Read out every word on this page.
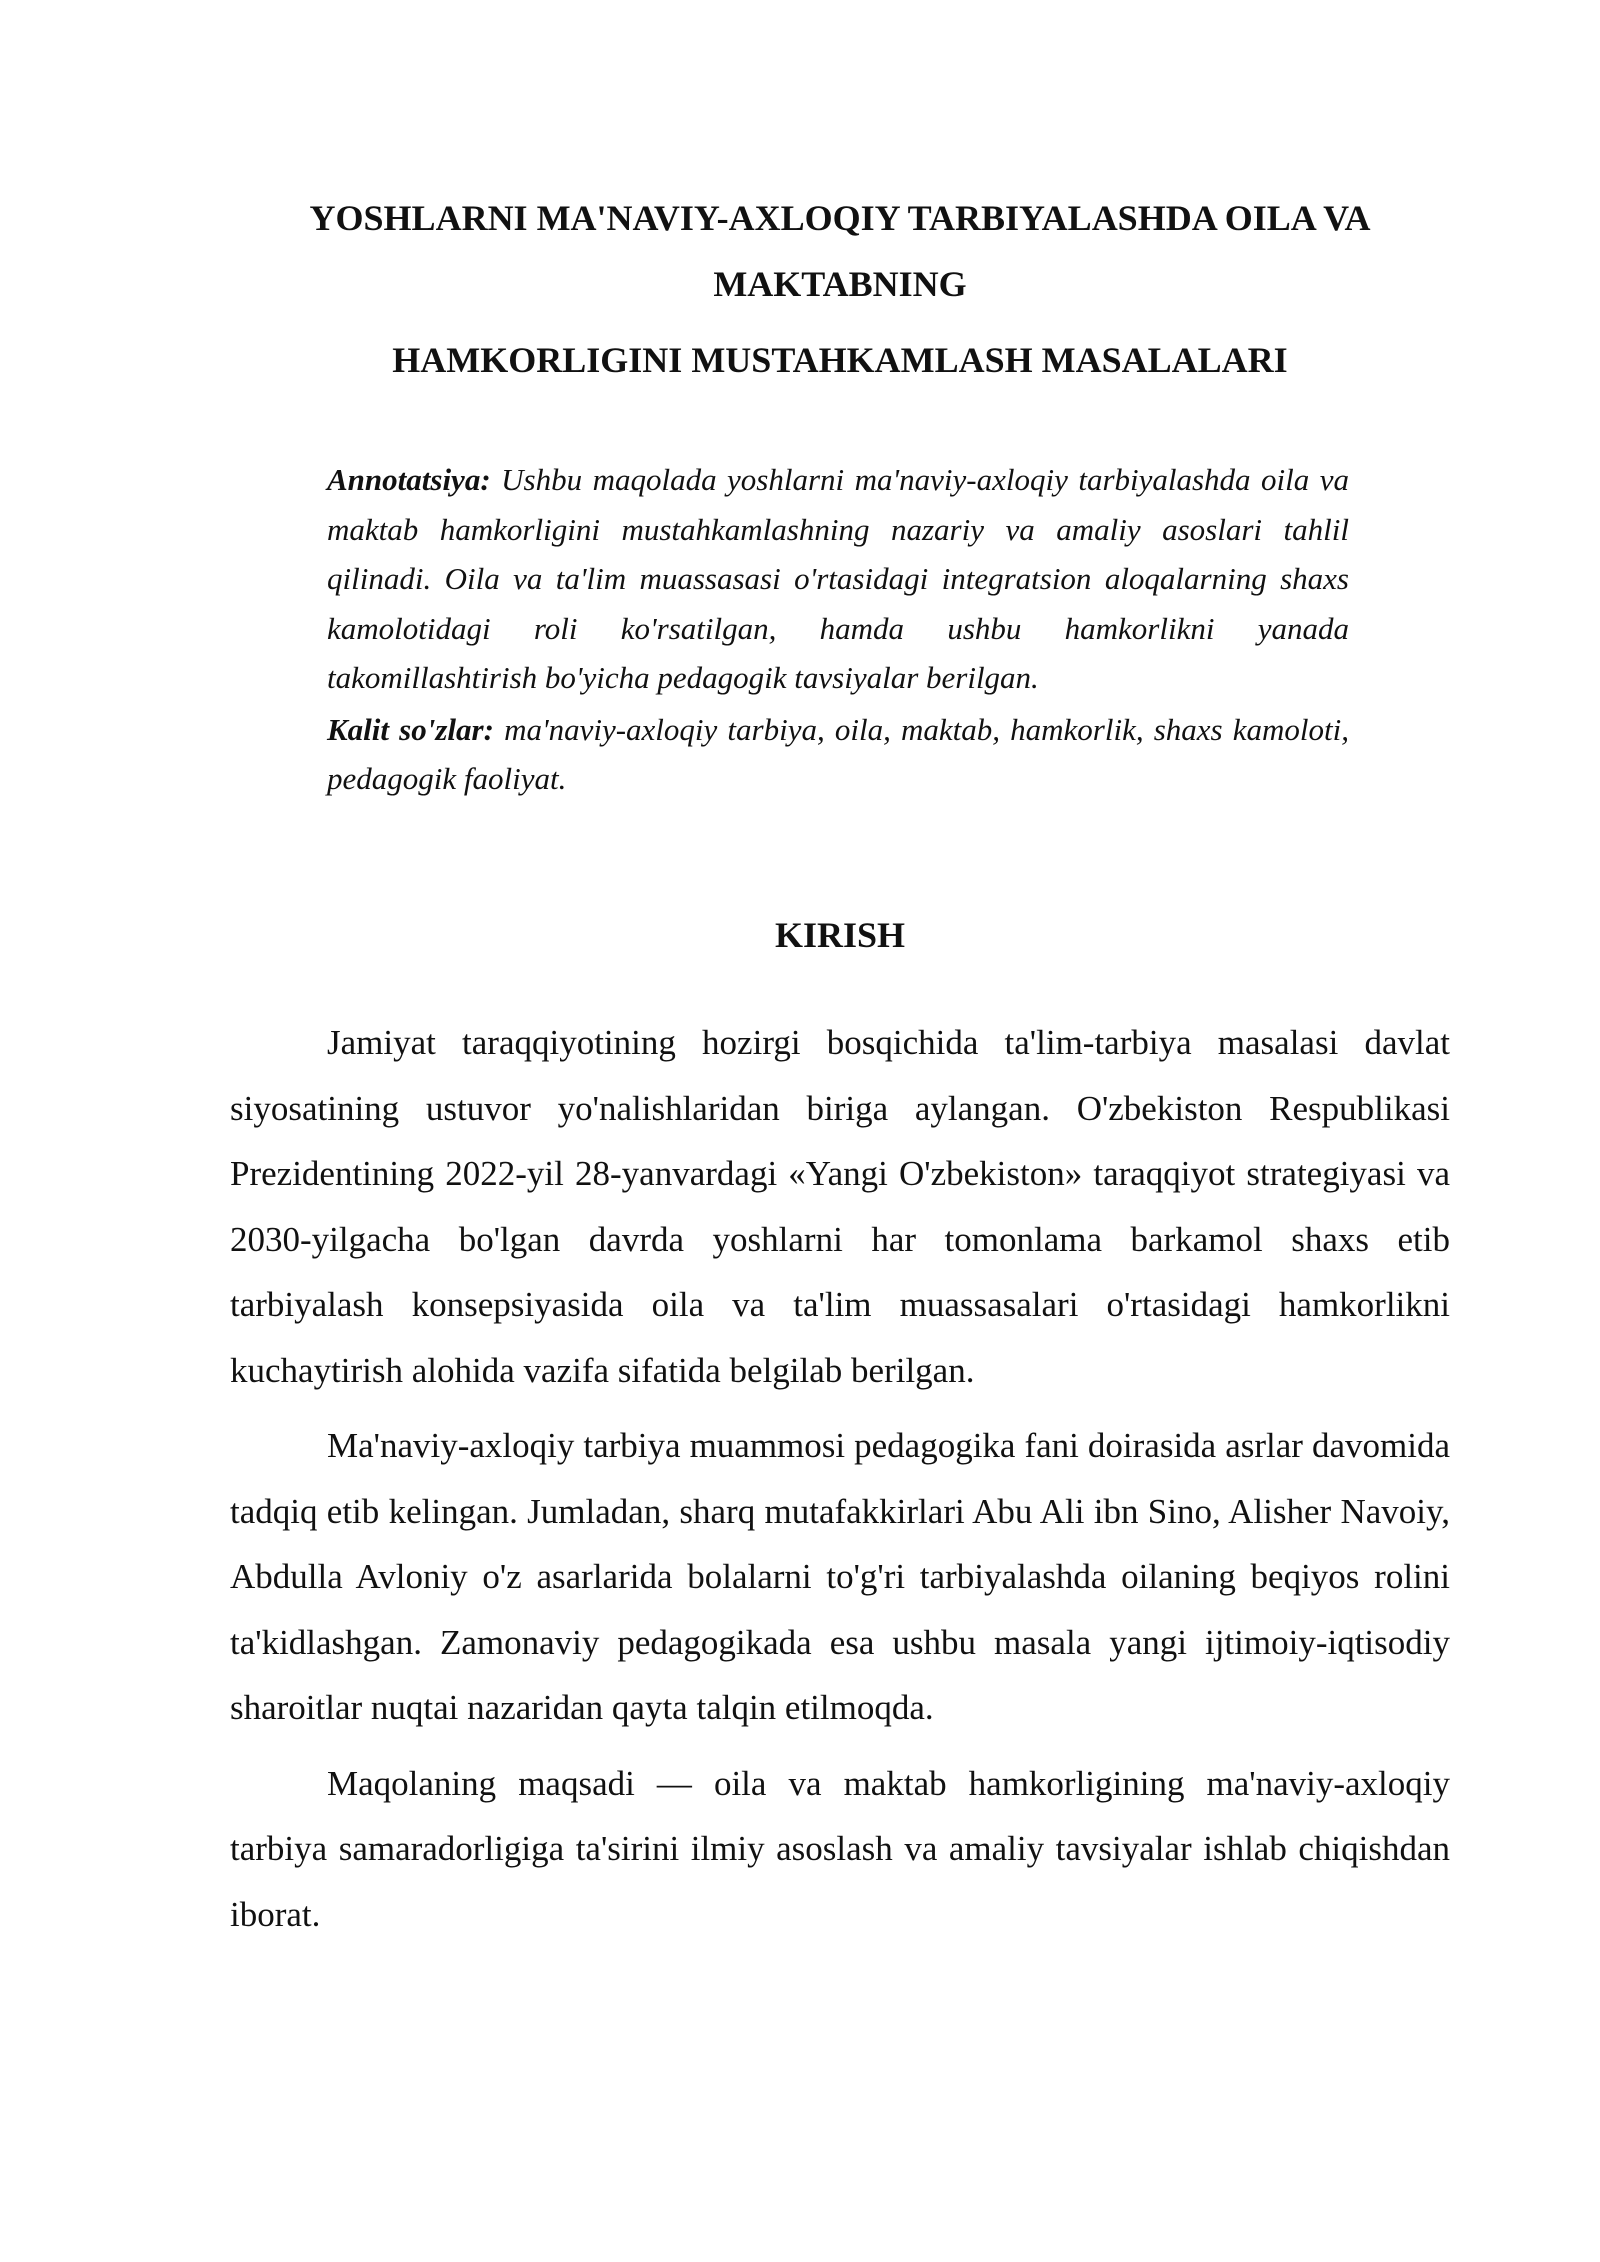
YOSHLARNI MA'NAVIY-AXLOQIY TARBIYALASHDA OILA VA
MAKTABNING
HAMKORLIGINI MUSTAHKAMLASH MASALALARI

Annotatsiya: Ushbu maqolada yoshlarni ma'naviy-axloqiy tarbiyalashda oila va maktab hamkorligini mustahkamlashning nazariy va amaliy asoslari tahlil qilinadi. Oila va ta'lim muassasasi o'rtasidagi integratsion aloqalarning shaxs kamolotidagi roli ko'rsatilgan, hamda ushbu hamkorlikni yanada takomillashtirish bo'yicha pedagogik tavsiyalar berilgan.

Kalit so'zlar: ma'naviy-axloqiy tarbiya, oila, maktab, hamkorlik, shaxs kamoloti, pedagogik faoliyat.

KIRISH

Jamiyat taraqqiyotining hozirgi bosqichida ta'lim-tarbiya masalasi davlat siyosatining ustuvor yo'nalishlaridan biriga aylangan. O'zbekiston Respublikasi Prezidentining 2022-yil 28-yanvardagi «Yangi O'zbekiston» taraqqiyot strategiyasi va 2030-yilgacha bo'lgan davrda yoshlarni har tomonlama barkamol shaxs etib tarbiyalash konsepsiyasida oila va ta'lim muassasalari o'rtasidagi hamkorlikni kuchaytirish alohida vazifa sifatida belgilab berilgan.

Ma'naviy-axloqiy tarbiya muammosi pedagogika fani doirasida asrlar davomida tadqiq etib kelingan. Jumladan, sharq mutafakkirlari Abu Ali ibn Sino, Alisher Navoiy, Abdulla Avloniy o'z asarlarida bolalarni to'g'ri tarbiyalashda oilaning beqiyos rolini ta'kidlashgan. Zamonaviy pedagogikada esa ushbu masala yangi ijtimoiy-iqtisodiy sharoitlar nuqtai nazaridan qayta talqin etilmoqda.

Maqolaning maqsadi — oila va maktab hamkorligining ma'naviy-axloqiy tarbiya samaradorligiga ta'sirini ilmiy asoslash va amaliy tavsiyalar ishlab chiqishdan iborat.
